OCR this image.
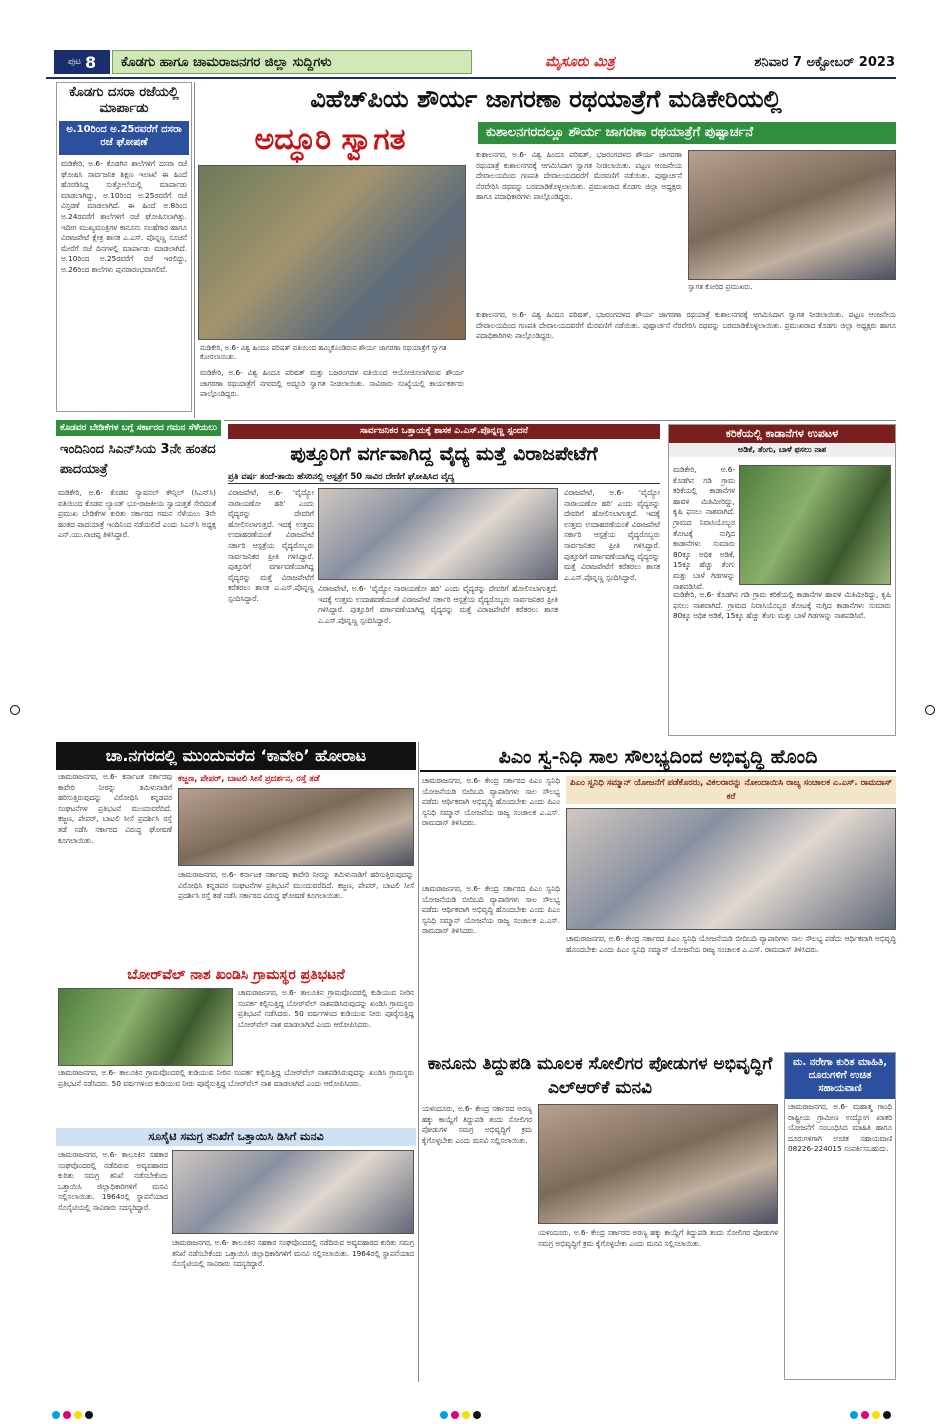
ಪುಟ 8	ಕೊಡಗು ಹಾಗೂ ಚಾಮರಾಜನಗರ ಜಿಲ್ಲಾ ಸುದ್ದಿಗಳು	ಮೈಸೂರು ಮಿತ್ರ	ಶನಿವಾರ 7 ಅಕ್ಟೋಬರ್ 2023
ಕೊಡಗು ದಸರಾ ರಜೆಯಲ್ಲಿ ಮಾರ್ಪಾಡು
ಅ.10ರಿಂದ ಅ.25ರವರೆಗೆ ದಸರಾ ರಜೆ ಘೋಷಣೆ
ಮಡಿಕೇರಿ, ಅ.6- ಕೊಡಗಿನ ಶಾಲೆಗಳಿಗೆ ದಸರಾ ರಜೆ ಘೋಷಿಸಿ ಸಾರ್ವಜನಿಕ ಶಿಕ್ಷಣ ಇಲಾಖೆ ಈ ಹಿಂದೆ ಹೊರಡಿಸಿದ್ದ ಸುತ್ತೋಲೆಯಲ್ಲಿ ಮಾರ್ಪಾಡು ಮಾಡಲಾಗಿದ್ದು, ಅ.10ರಿಂದ ಅ.25ರವರೆಗೆ ರಜೆ ವಿಸ್ತರಣೆ ಮಾಡಲಾಗಿದೆ. ಈ ಹಿಂದೆ ಅ.8ರಿಂದ ಅ.24ರವರೆಗೆ ಶಾಲೆಗಳಿಗೆ ರಜೆ ಘೋಷಿಸಲಾಗಿತ್ತು. ಇದೀಗ ಮುಖ್ಯಮಂತ್ರಿಗಳ ಕಾನೂನು ಸಲಹೆಗಾರ ಹಾಗೂ ವಿರಾಜಪೇಟೆ ಕ್ಷೇತ್ರ ಶಾಸಕ ಎ.ಎಸ್. ಪೊನ್ನಣ್ಣ ಸೂಚನೆ ಮೇರೆಗೆ ರಜೆ ದಿನಗಳಲ್ಲಿ ಮಾರ್ಪಾಡು ಮಾಡಲಾಗಿದೆ. ಅ.10ರಿಂದ ಅ.25ರವರೆಗೆ ರಜೆ ಇರಲಿದ್ದು, ಅ.26ರಿಂದ ಶಾಲೆಗಳು ಪುನರಾರಂಭವಾಗಲಿವೆ.
ಕೊಡವರ ಬೇಡಿಕೆಗಳ ಬಗ್ಗೆ ಸರ್ಕಾರದ ಗಮನ ಸೆಳೆಯಲು
ಇಂದಿನಿಂದ ಸಿಎನ್‌ಸಿಯ 3ನೇ ಹಂತದ ಪಾದಯಾತ್ರೆ
ಮಡಿಕೇರಿ, ಅ.6- ಕೊಡವ ನ್ಯಾಷನಲ್ ಕೌನ್ಸಿಲ್ (ಸಿಎನ್‌ಸಿ) ವತಿಯಿಂದ ಕೊಡವ ಲ್ಯಾಂಡ್ ಭೂ-ರಾಜಕೀಯ ಸ್ವಾಯತ್ತತೆ ಸೇರಿದಂತೆ ಪ್ರಮುಖ ಬೇಡಿಕೆಗಳ ಕುರಿತು ಸರ್ಕಾರದ ಗಮನ ಸೆಳೆಯಲು 3ನೇ ಹಂತದ ಪಾದಯಾತ್ರೆ ಇಂದಿನಿಂದ ನಡೆಯಲಿದೆ ಎಂದು ಸಿಎನ್‌ಸಿ ಅಧ್ಯಕ್ಷ ಎನ್.ಯು.ನಾಚಪ್ಪ ತಿಳಿಸಿದ್ದಾರೆ.
ವಿಹೆಚ್‌ಪಿಯ ಶೌರ್ಯ ಜಾಗರಣಾ ರಥಯಾತ್ರೆಗೆ ಮಡಿಕೇರಿಯಲ್ಲಿ
ಅದ್ಧೂರಿ ಸ್ವಾಗತ	ಕುಶಾಲನಗರದಲ್ಲೂ ಶೌರ್ಯ ಜಾಗರಣಾ ರಥಯಾತ್ರೆಗೆ ಪುಷ್ಪಾರ್ಚನೆ
ಮಡಿಕೇರಿ, ಅ.6- ವಿಶ್ವ ಹಿಂದೂ ಪರಿಷತ್ ವತಿಯಿಂದ ಹಮ್ಮಿಕೊಂಡಿರುವ ಶೌರ್ಯ ಜಾಗರಣಾ ರಥಯಾತ್ರೆಗೆ ಸ್ವಾಗತ ಕೋರಲಾಯಿತು.
ಮಡಿಕೇರಿ, ಅ.6- ವಿಶ್ವ ಹಿಂದೂ ಪರಿಷತ್ ಮತ್ತು ಬಜರಂಗದಳ ವತಿಯಿಂದ ಆಯೋಜಿಸಲಾಗಿರುವ ಶೌರ್ಯ ಜಾಗರಣಾ ರಥಯಾತ್ರೆಗೆ ನಗರದಲ್ಲಿ ಅದ್ಧೂರಿ ಸ್ವಾಗತ ನೀಡಲಾಯಿತು. ಸಾವಿರಾರು ಸಂಖ್ಯೆಯಲ್ಲಿ ಕಾರ್ಯಕರ್ತರು ಪಾಲ್ಗೊಂಡಿದ್ದರು.
ಕುಶಾಲನಗರ, ಅ.6- ವಿಶ್ವ ಹಿಂದೂ ಪರಿಷತ್, ಭಜರಂಗದಳದ ಶೌರ್ಯ ಜಾಗರಣಾ ರಥಯಾತ್ರೆ ಕುಶಾಲನಗರಕ್ಕೆ ಆಗಮಿಸಿದಾಗ ಸ್ವಾಗತ ನೀಡಲಾಯಿತು. ಪಟ್ಟಣ ಆಂಜನೇಯ ದೇವಾಲಯದಿಂದ ಗಣಪತಿ ದೇವಾಲಯದವರೆಗೆ ಮೆರವಣಿಗೆ ನಡೆಯಿತು. ಪುಷ್ಪಾರ್ಚನೆ ನೆರವೇರಿಸಿ ರಥವನ್ನು ಬರಮಾಡಿಕೊಳ್ಳಲಾಯಿತು. ಪ್ರಮುಖರಾದ ಕೊಡಗು ಜಿಲ್ಲಾ ಅಧ್ಯಕ್ಷರು ಹಾಗೂ ಪದಾಧಿಕಾರಿಗಳು ಪಾಲ್ಗೊಂಡಿದ್ದರು.
ಸ್ವಾಗತ ಕೋರಿದ ಪ್ರಮುಖರು.
ಕುಶಾಲನಗರ, ಅ.6- ವಿಶ್ವ ಹಿಂದೂ ಪರಿಷತ್, ಭಜರಂಗದಳದ ಶೌರ್ಯ ಜಾಗರಣಾ ರಥಯಾತ್ರೆ ಕುಶಾಲನಗರಕ್ಕೆ ಆಗಮಿಸಿದಾಗ ಸ್ವಾಗತ ನೀಡಲಾಯಿತು. ಪಟ್ಟಣ ಆಂಜನೇಯ ದೇವಾಲಯದಿಂದ ಗಣಪತಿ ದೇವಾಲಯದವರೆಗೆ ಮೆರವಣಿಗೆ ನಡೆಯಿತು. ಪುಷ್ಪಾರ್ಚನೆ ನೆರವೇರಿಸಿ ರಥವನ್ನು ಬರಮಾಡಿಕೊಳ್ಳಲಾಯಿತು. ಪ್ರಮುಖರಾದ ಕೊಡಗು ಜಿಲ್ಲಾ ಅಧ್ಯಕ್ಷರು ಹಾಗೂ ಪದಾಧಿಕಾರಿಗಳು ಪಾಲ್ಗೊಂಡಿದ್ದರು.
ಸಾರ್ವಜನಿಕರ ಒತ್ತಾಯಕ್ಕೆ ಶಾಸಕ ಎ.ಎಸ್.ಪೊನ್ನಣ್ಣ ಸ್ಪಂದನೆ
ಪುತ್ತೂರಿಗೆ ವರ್ಗವಾಗಿದ್ದ ವೈದ್ಯ ಮತ್ತೆ ವಿರಾಜಪೇಟೆಗೆ
ಪ್ರತಿ ವರ್ಷ ತಂದೆ-ತಾಯಿ ಹೆಸರಿನಲ್ಲಿ ಆಸ್ಪತ್ರೆಗೆ 50 ಸಾವಿರ ದೇಣಿಗೆ ಘೋಷಿಸಿದ ವೈದ್ಯ
ವಿರಾಜಪೇಟೆ, ಅ.6- ‘ವೈದ್ಯೋ ನಾರಾಯಣೋ ಹರಿ’ ಎಂದು ವೈದ್ಯರನ್ನು ದೇವರಿಗೆ ಹೋಲಿಸಲಾಗುತ್ತದೆ. ಇದಕ್ಕೆ ಉತ್ತಮ ಉದಾಹರಣೆಯಂತೆ ವಿರಾಜಪೇಟೆ ಸರ್ಕಾರಿ ಆಸ್ಪತ್ರೆಯ ವೈದ್ಯರೊಬ್ಬರು ಸಾರ್ವಜನಿಕರ ಪ್ರೀತಿ ಗಳಿಸಿದ್ದಾರೆ. ಪುತ್ತೂರಿಗೆ ವರ್ಗಾವಣೆಯಾಗಿದ್ದ ವೈದ್ಯರನ್ನು ಮತ್ತೆ ವಿರಾಜಪೇಟೆಗೆ ಕರೆತರಲು ಶಾಸಕ ಎ.ಎಸ್.ಪೊನ್ನಣ್ಣ ಸ್ಪಂದಿಸಿದ್ದಾರೆ.
ವಿರಾಜಪೇಟೆ, ಅ.6- ‘ವೈದ್ಯೋ ನಾರಾಯಣೋ ಹರಿ’ ಎಂದು ವೈದ್ಯರನ್ನು ದೇವರಿಗೆ ಹೋಲಿಸಲಾಗುತ್ತದೆ. ಇದಕ್ಕೆ ಉತ್ತಮ ಉದಾಹರಣೆಯಂತೆ ವಿರಾಜಪೇಟೆ ಸರ್ಕಾರಿ ಆಸ್ಪತ್ರೆಯ ವೈದ್ಯರೊಬ್ಬರು ಸಾರ್ವಜನಿಕರ ಪ್ರೀತಿ ಗಳಿಸಿದ್ದಾರೆ. ಪುತ್ತೂರಿಗೆ ವರ್ಗಾವಣೆಯಾಗಿದ್ದ ವೈದ್ಯರನ್ನು ಮತ್ತೆ ವಿರಾಜಪೇಟೆಗೆ ಕರೆತರಲು ಶಾಸಕ ಎ.ಎಸ್.ಪೊನ್ನಣ್ಣ ಸ್ಪಂದಿಸಿದ್ದಾರೆ.
ವಿರಾಜಪೇಟೆ, ಅ.6- ‘ವೈದ್ಯೋ ನಾರಾಯಣೋ ಹರಿ’ ಎಂದು ವೈದ್ಯರನ್ನು ದೇವರಿಗೆ ಹೋಲಿಸಲಾಗುತ್ತದೆ. ಇದಕ್ಕೆ ಉತ್ತಮ ಉದಾಹರಣೆಯಂತೆ ವಿರಾಜಪೇಟೆ ಸರ್ಕಾರಿ ಆಸ್ಪತ್ರೆಯ ವೈದ್ಯರೊಬ್ಬರು ಸಾರ್ವಜನಿಕರ ಪ್ರೀತಿ ಗಳಿಸಿದ್ದಾರೆ. ಪುತ್ತೂರಿಗೆ ವರ್ಗಾವಣೆಯಾಗಿದ್ದ ವೈದ್ಯರನ್ನು ಮತ್ತೆ ವಿರಾಜಪೇಟೆಗೆ ಕರೆತರಲು ಶಾಸಕ ಎ.ಎಸ್.ಪೊನ್ನಣ್ಣ ಸ್ಪಂದಿಸಿದ್ದಾರೆ.
ಕರಿಕೆಯಲ್ಲಿ ಕಾಡಾನೆಗಳ ಉಪಟಳ
ಅಡಿಕೆ, ತೆಂಗು, ಬಾಳೆ ಫಸಲು ನಾಶ
ಮಡಿಕೇರಿ, ಅ.6- ಕೊಡಗಿನ ಗಡಿ ಗ್ರಾಮ ಕರಿಕೆಯಲ್ಲಿ ಕಾಡಾನೆಗಳ ಹಾವಳಿ ಮಿತಿಮೀರಿದ್ದು, ಕೃಷಿ ಫಸಲು ನಾಶವಾಗಿದೆ. ಗ್ರಾಮದ ನಿವಾಸಿಯೊಬ್ಬರ ತೋಟಕ್ಕೆ ನುಗ್ಗಿದ ಕಾಡಾನೆಗಳು ಸುಮಾರು 80ಕ್ಕೂ ಅಧಿಕ ಅಡಿಕೆ, 15ಕ್ಕೂ ಹೆಚ್ಚು ತೆಂಗು ಮತ್ತು ಬಾಳೆ ಗಿಡಗಳನ್ನು ನಾಶಪಡಿಸಿವೆ.
ಮಡಿಕೇರಿ, ಅ.6- ಕೊಡಗಿನ ಗಡಿ ಗ್ರಾಮ ಕರಿಕೆಯಲ್ಲಿ ಕಾಡಾನೆಗಳ ಹಾವಳಿ ಮಿತಿಮೀರಿದ್ದು, ಕೃಷಿ ಫಸಲು ನಾಶವಾಗಿದೆ. ಗ್ರಾಮದ ನಿವಾಸಿಯೊಬ್ಬರ ತೋಟಕ್ಕೆ ನುಗ್ಗಿದ ಕಾಡಾನೆಗಳು ಸುಮಾರು 80ಕ್ಕೂ ಅಧಿಕ ಅಡಿಕೆ, 15ಕ್ಕೂ ಹೆಚ್ಚು ತೆಂಗು ಮತ್ತು ಬಾಳೆ ಗಿಡಗಳನ್ನು ನಾಶಪಡಿಸಿವೆ.
ಚಾ.ನಗರದಲ್ಲಿ ಮುಂದುವರೆದ ‘ಕಾವೇರಿ’ ಹೋರಾಟ
ಕಜ್ಜಣ, ಪೇಪರ್, ಬಾಟಲಿ ಸೀಸೆ ಪ್ರದರ್ಶನ, ರಸ್ತೆ ತಡೆ
ಚಾಮರಾಜನಗರ, ಅ.6- ಕರ್ನಾಟಕ ಸರ್ಕಾರವು ಕಾವೇರಿ ನೀರನ್ನು ತಮಿಳುನಾಡಿಗೆ ಹರಿಸುತ್ತಿರುವುದನ್ನು ವಿರೋಧಿಸಿ ಕನ್ನಡಪರ ಸಂಘಟನೆಗಳ ಪ್ರತಿಭಟನೆ ಮುಂದುವರೆದಿದೆ. ಕಜ್ಜಣ, ಪೇಪರ್, ಬಾಟಲಿ ಸೀಸೆ ಪ್ರದರ್ಶಿಸಿ ರಸ್ತೆ ತಡೆ ನಡೆಸಿ ಸರ್ಕಾರದ ವಿರುದ್ಧ ಘೋಷಣೆ ಕೂಗಲಾಯಿತು.
ಚಾಮರಾಜನಗರ, ಅ.6- ಕರ್ನಾಟಕ ಸರ್ಕಾರವು ಕಾವೇರಿ ನೀರನ್ನು ತಮಿಳುನಾಡಿಗೆ ಹರಿಸುತ್ತಿರುವುದನ್ನು ವಿರೋಧಿಸಿ ಕನ್ನಡಪರ ಸಂಘಟನೆಗಳ ಪ್ರತಿಭಟನೆ ಮುಂದುವರೆದಿದೆ. ಕಜ್ಜಣ, ಪೇಪರ್, ಬಾಟಲಿ ಸೀಸೆ ಪ್ರದರ್ಶಿಸಿ ರಸ್ತೆ ತಡೆ ನಡೆಸಿ ಸರ್ಕಾರದ ವಿರುದ್ಧ ಘೋಷಣೆ ಕೂಗಲಾಯಿತು.
ಬೋರ್‌ವೆಲ್ ನಾಶ ಖಂಡಿಸಿ ಗ್ರಾಮಸ್ಥರ ಪ್ರತಿಭಟನೆ
ಚಾಮರಾಜನಗರ, ಅ.6- ತಾಲೂಕಿನ ಗ್ರಾಮವೊಂದರಲ್ಲಿ ಕುಡಿಯುವ ನೀರಿನ ಸಂಪರ್ಕ ಕಲ್ಪಿಸುತ್ತಿದ್ದ ಬೋರ್‌ವೆಲ್ ನಾಶಪಡಿಸಿರುವುದನ್ನು ಖಂಡಿಸಿ ಗ್ರಾಮಸ್ಥರು ಪ್ರತಿಭಟನೆ ನಡೆಸಿದರು. 50 ವರ್ಷಗಳಿಂದ ಕುಡಿಯುವ ನೀರು ಪೂರೈಸುತ್ತಿದ್ದ ಬೋರ್‌ವೆಲ್ ನಾಶ ಮಾಡಲಾಗಿದೆ ಎಂದು ಆರೋಪಿಸಿದರು.
ಚಾಮರಾಜನಗರ, ಅ.6- ತಾಲೂಕಿನ ಗ್ರಾಮವೊಂದರಲ್ಲಿ ಕುಡಿಯುವ ನೀರಿನ ಸಂಪರ್ಕ ಕಲ್ಪಿಸುತ್ತಿದ್ದ ಬೋರ್‌ವೆಲ್ ನಾಶಪಡಿಸಿರುವುದನ್ನು ಖಂಡಿಸಿ ಗ್ರಾಮಸ್ಥರು ಪ್ರತಿಭಟನೆ ನಡೆಸಿದರು. 50 ವರ್ಷಗಳಿಂದ ಕುಡಿಯುವ ನೀರು ಪೂರೈಸುತ್ತಿದ್ದ ಬೋರ್‌ವೆಲ್ ನಾಶ ಮಾಡಲಾಗಿದೆ ಎಂದು ಆರೋಪಿಸಿದರು.
ಸೂಸೈಟಿ ಸಮಗ್ರ ತನಿಖೆಗೆ ಒತ್ತಾಯಿಸಿ ಡಿಸಿಗೆ ಮನವಿ
ಚಾಮರಾಜನಗರ, ಅ.6- ತಾಲೂಕಿನ ಸಹಕಾರ ಸಂಘವೊಂದರಲ್ಲಿ ನಡೆದಿರುವ ಅವ್ಯವಹಾರದ ಕುರಿತು ಸಮಗ್ರ ತನಿಖೆ ನಡೆಸಬೇಕೆಂದು ಒತ್ತಾಯಿಸಿ ಜಿಲ್ಲಾಧಿಕಾರಿಗಳಿಗೆ ಮನವಿ ಸಲ್ಲಿಸಲಾಯಿತು. 1964ರಲ್ಲಿ ಸ್ಥಾಪನೆಯಾದ ಸೊಸೈಟಿಯಲ್ಲಿ ಸಾವಿರಾರು ಸದಸ್ಯರಿದ್ದಾರೆ.
ಚಾಮರಾಜನಗರ, ಅ.6- ತಾಲೂಕಿನ ಸಹಕಾರ ಸಂಘವೊಂದರಲ್ಲಿ ನಡೆದಿರುವ ಅವ್ಯವಹಾರದ ಕುರಿತು ಸಮಗ್ರ ತನಿಖೆ ನಡೆಸಬೇಕೆಂದು ಒತ್ತಾಯಿಸಿ ಜಿಲ್ಲಾಧಿಕಾರಿಗಳಿಗೆ ಮನವಿ ಸಲ್ಲಿಸಲಾಯಿತು. 1964ರಲ್ಲಿ ಸ್ಥಾಪನೆಯಾದ ಸೊಸೈಟಿಯಲ್ಲಿ ಸಾವಿರಾರು ಸದಸ್ಯರಿದ್ದಾರೆ.
ಪಿಎಂ ಸ್ವ-ನಿಧಿ ಸಾಲ ಸೌಲಭ್ಯದಿಂದ ಅಭಿವೃದ್ಧಿ ಹೊಂದಿ
ಪಿಎಂ ಸ್ವನಿಧಿ ಸಮ್ಮಾನ್ ಯೋಜನೆಗೆ ಪಡೆಕೊರರು, ವಿಕಲರಾರನ್ನು ನೋಂದಾಯಿಸಿ ರಾಜ್ಯ ಸಂಚಾಲಕ ಎ.ಎಸ್. ರಾಮದಾಸ್ ಕರೆ
ಚಾಮರಾಜನಗರ, ಅ.6- ಕೇಂದ್ರ ಸರ್ಕಾರದ ಪಿಎಂ ಸ್ವನಿಧಿ ಯೋಜನೆಯಡಿ ಬೀದಿಬದಿ ವ್ಯಾಪಾರಿಗಳು ಸಾಲ ಸೌಲಭ್ಯ ಪಡೆದು ಆರ್ಥಿಕವಾಗಿ ಅಭಿವೃದ್ಧಿ ಹೊಂದಬೇಕು ಎಂದು ಪಿಎಂ ಸ್ವನಿಧಿ ಸಮ್ಮಾನ್ ಯೋಜನೆಯ ರಾಜ್ಯ ಸಂಚಾಲಕ ಎ.ಎಸ್. ರಾಮದಾಸ್ ತಿಳಿಸಿದರು.
ಚಾಮರಾಜನಗರ, ಅ.6- ಕೇಂದ್ರ ಸರ್ಕಾರದ ಪಿಎಂ ಸ್ವನಿಧಿ ಯೋಜನೆಯಡಿ ಬೀದಿಬದಿ ವ್ಯಾಪಾರಿಗಳು ಸಾಲ ಸೌಲಭ್ಯ ಪಡೆದು ಆರ್ಥಿಕವಾಗಿ ಅಭಿವೃದ್ಧಿ ಹೊಂದಬೇಕು ಎಂದು ಪಿಎಂ ಸ್ವನಿಧಿ ಸಮ್ಮಾನ್ ಯೋಜನೆಯ ರಾಜ್ಯ ಸಂಚಾಲಕ ಎ.ಎಸ್. ರಾಮದಾಸ್ ತಿಳಿಸಿದರು.
ಚಾಮರಾಜನಗರ, ಅ.6- ಕೇಂದ್ರ ಸರ್ಕಾರದ ಪಿಎಂ ಸ್ವನಿಧಿ ಯೋಜನೆಯಡಿ ಬೀದಿಬದಿ ವ್ಯಾಪಾರಿಗಳು ಸಾಲ ಸೌಲಭ್ಯ ಪಡೆದು ಆರ್ಥಿಕವಾಗಿ ಅಭಿವೃದ್ಧಿ ಹೊಂದಬೇಕು ಎಂದು ಪಿಎಂ ಸ್ವನಿಧಿ ಸಮ್ಮಾನ್ ಯೋಜನೆಯ ರಾಜ್ಯ ಸಂಚಾಲಕ ಎ.ಎಸ್. ರಾಮದಾಸ್ ತಿಳಿಸಿದರು.
ಕಾನೂನು ತಿದ್ದುಪಡಿ ಮೂಲಕ ಸೋಲಿಗರ ಪೋಡುಗಳ ಅಭಿವೃದ್ಧಿಗೆ ಎಲ್‌ಆರ್‌ಕೆ ಮನವಿ
ಯಳಂದೂರು, ಅ.6- ಕೇಂದ್ರ ಸರ್ಕಾರದ ಅರಣ್ಯ ಹಕ್ಕು ಕಾಯ್ದೆಗೆ ತಿದ್ದುಪಡಿ ತಂದು ಸೋಲಿಗರ ಪೋಡುಗಳ ಸಮಗ್ರ ಅಭಿವೃದ್ಧಿಗೆ ಕ್ರಮ ಕೈಗೊಳ್ಳಬೇಕು ಎಂದು ಮನವಿ ಸಲ್ಲಿಸಲಾಯಿತು.
ಯಳಂದೂರು, ಅ.6- ಕೇಂದ್ರ ಸರ್ಕಾರದ ಅರಣ್ಯ ಹಕ್ಕು ಕಾಯ್ದೆಗೆ ತಿದ್ದುಪಡಿ ತಂದು ಸೋಲಿಗರ ಪೋಡುಗಳ ಸಮಗ್ರ ಅಭಿವೃದ್ಧಿಗೆ ಕ್ರಮ ಕೈಗೊಳ್ಳಬೇಕು ಎಂದು ಮನವಿ ಸಲ್ಲಿಸಲಾಯಿತು.
ಮ. ನರೇಗಾ ಕುರಿತ ಮಾಹಿತಿ, ದೂರುಗಳಿಗೆ ಉಚಿತ ಸಹಾಯವಾಣಿ
ಚಾಮರಾಜನಗರ, ಅ.6- ಮಹಾತ್ಮ ಗಾಂಧಿ ರಾಷ್ಟ್ರೀಯ ಗ್ರಾಮೀಣ ಉದ್ಯೋಗ ಖಾತರಿ ಯೋಜನೆಗೆ ಸಂಬಂಧಿಸಿದ ಮಾಹಿತಿ ಹಾಗೂ ದೂರುಗಳಿಗಾಗಿ ಉಚಿತ ಸಹಾಯವಾಣಿ 08226-224015 ಸಂಪರ್ಕಿಸಬಹುದು.
